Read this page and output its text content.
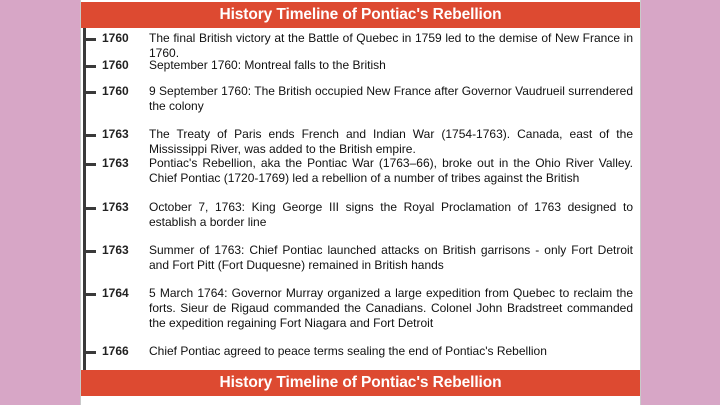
History Timeline of Pontiac's Rebellion
1760	The final British victory at the Battle of Quebec in 1759 led to the demise of New France in 1760.
1760	September 1760: Montreal falls to the British
1760	9 September 1760: The British occupied New France after Governor Vaudrueil surrendered the colony
1763	The Treaty of Paris ends French and Indian War (1754-1763). Canada, east of the Mississippi River, was added to the British empire.
1763	Pontiac's Rebellion, aka the Pontiac War (1763–66), broke out in the Ohio River Valley. Chief Pontiac (1720-1769) led a rebellion of a number of tribes against the British
1763	October 7, 1763: King George III signs the Royal Proclamation of 1763 designed to establish a border line
1763	Summer of 1763: Chief Pontiac launched attacks on British garrisons - only Fort Detroit and Fort Pitt (Fort Duquesne) remained in British hands
1764	5 March 1764: Governor Murray organized a large expedition from Quebec to reclaim the forts. Sieur de Rigaud commanded the Canadians. Colonel John Bradstreet commanded the expedition regaining Fort Niagara and Fort Detroit
1766	Chief Pontiac agreed to peace terms sealing the end of Pontiac's Rebellion
History Timeline of Pontiac's Rebellion
